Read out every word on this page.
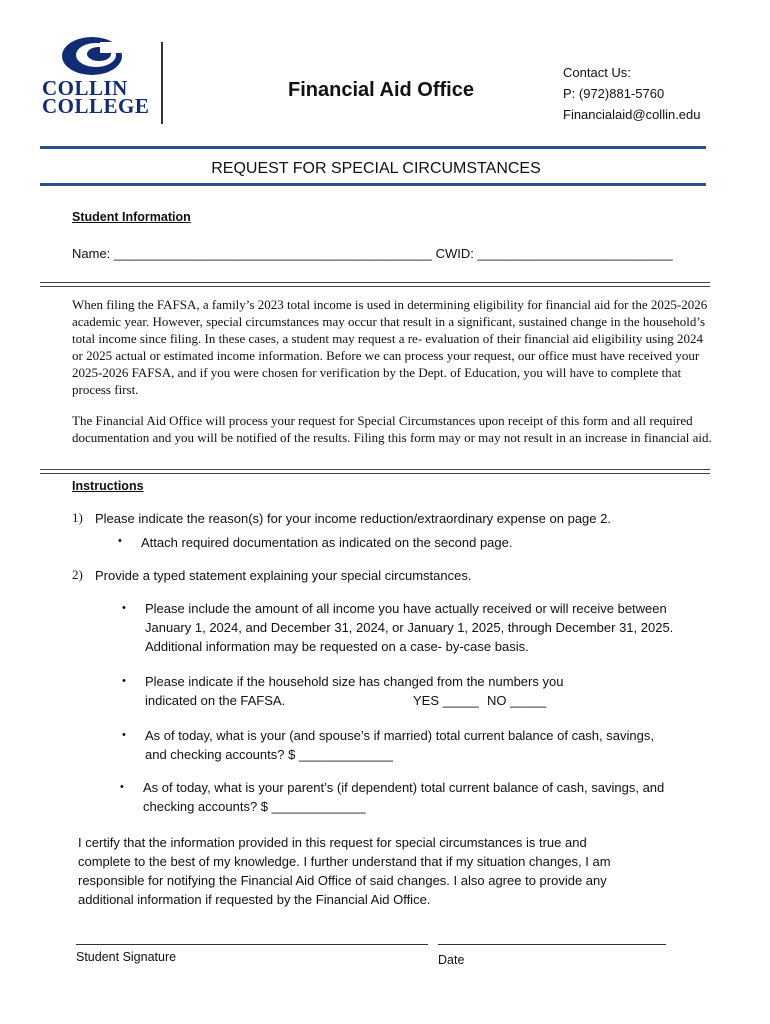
COLLIN
COLLEGE
Financial Aid Office
Contact Us:
P: (972)881-5760
Financialaid@collin.edu
REQUEST FOR SPECIAL CIRCUMSTANCES
Student Information
Name: ____________________________________________ CWID: ___________________________
When filing the FAFSA, a family’s 2023 total income is used in determining eligibility for financial aid for the 2025-2026 academic year. However, special circumstances may occur that result in a significant, sustained change in the household’s total income since filing. In these cases, a student may request a re- evaluation of their financial aid eligibility using 2024 or 2025 actual or estimated income information. Before we can process your request, our office must have received your 2025-2026 FAFSA, and if you were chosen for verification by the Dept. of Education, you will have to complete that process first.
The Financial Aid Office will process your request for Special Circumstances upon receipt of this form and all required documentation and you will be notified of the results. Filing this form may or may not result in an increase in financial aid.
Instructions
1) Please indicate the reason(s) for your income reduction/extraordinary expense on page 2.
• Attach required documentation as indicated on the second page.
2) Provide a typed statement explaining your special circumstances.
• Please include the amount of all income you have actually received or will receive between
January 1, 2024, and December 31, 2024, or January 1, 2025, through December 31, 2025.
Additional information may be requested on a case- by-case basis.
• Please indicate if the household size has changed from the numbers you
indicated on the FAFSA.	YES _____ NO _____
• As of today, what is your (and spouse’s if married) total current balance of cash, savings,
and checking accounts? $ _____________
• As of today, what is your parent’s (if dependent) total current balance of cash, savings, and
checking accounts? $ _____________
I certify that the information provided in this request for special circumstances is true and
complete to the best of my knowledge. I further understand that if my situation changes, I am
responsible for notifying the Financial Aid Office of said changes. I also agree to provide any
additional information if requested by the Financial Aid Office.
Student Signature	Date
